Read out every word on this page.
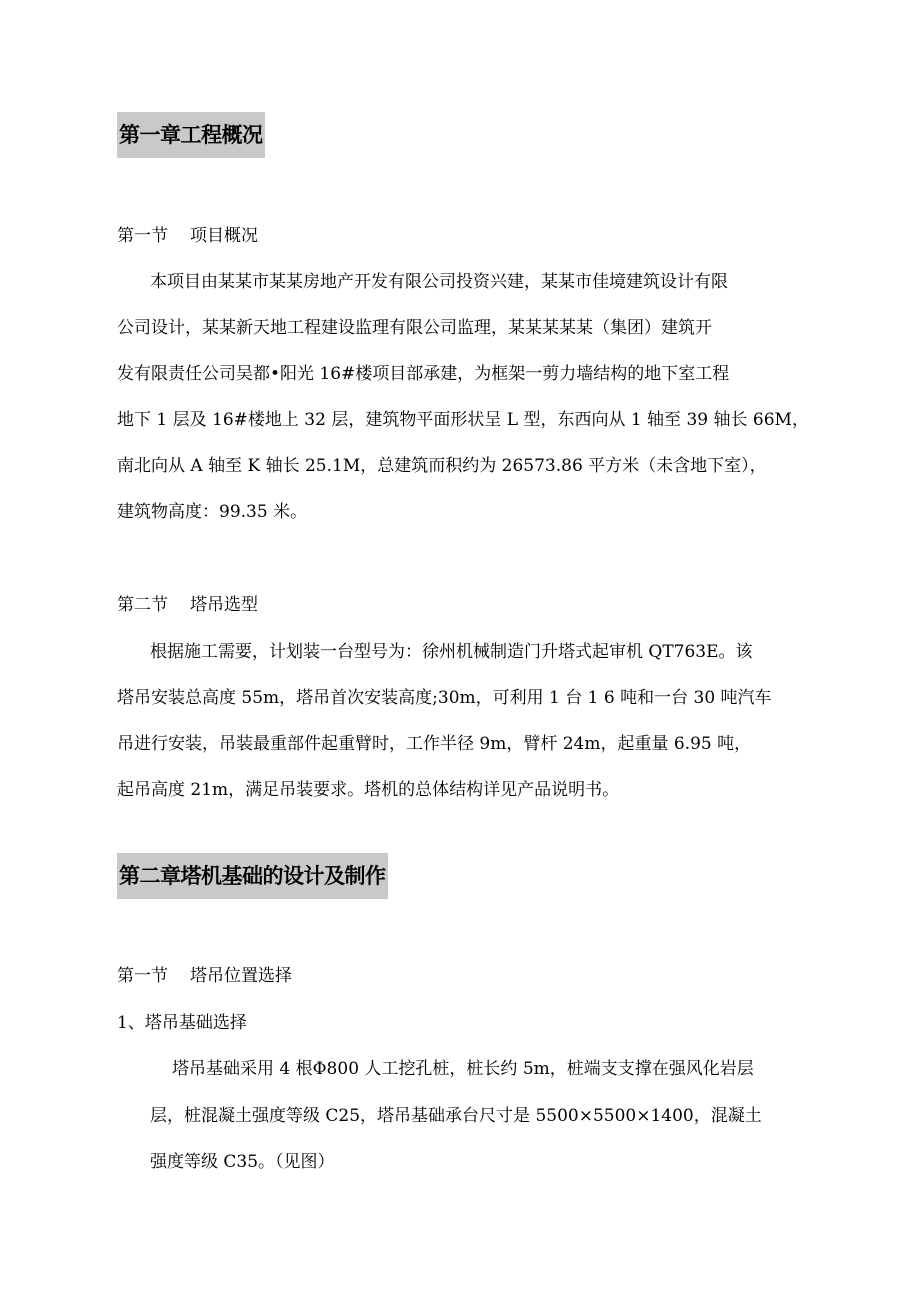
第一章工程概况
第一节 项目概况
本项目由某某市某某房地产开发有限公司投资兴建，某某市佳境建筑设计有限
公司设计，某某新天地工程建设监理有限公司监理，某某某某某（集团）建筑开
发有限责任公司吴都•阳光 16#楼项目部承建，为框架一剪力墙结构的地下室工程
地下 1 层及 16#楼地上 32 层，建筑物平面形状呈 L 型，东西向从 1 轴至 39 轴长 66M，
南北向从 A 轴至 K 轴长 25.1M，总建筑而积约为 26573.86 平方米（未含地下室），
建筑物高度：99.35 米。
第二节 塔吊选型
根据施工需要，计划装一台型号为：徐州机械制造门升塔式起审机 QT763E。该
塔吊安装总高度 55m，塔吊首次安装高度;30m，可利用 1 台 1 6 吨和一台 30 吨汽车
吊进行安装，吊装最重部件起重臂时，工作半径 9m，臂杆 24m，起重量 6.95 吨，
起吊高度 21m，满足吊装要求。塔机的总体结构详见产品说明书。
第二章塔机基础的设计及制作
第一节 塔吊位置选择
1、塔吊基础选择
塔吊基础采用 4 根Φ800 人工挖孔桩，桩长约 5m，桩端支支撑在强风化岩层
层，桩混凝土强度等级 C25，塔吊基础承台尺寸是 5500×5500×1400，混凝土
强度等级 C35。（见图）
